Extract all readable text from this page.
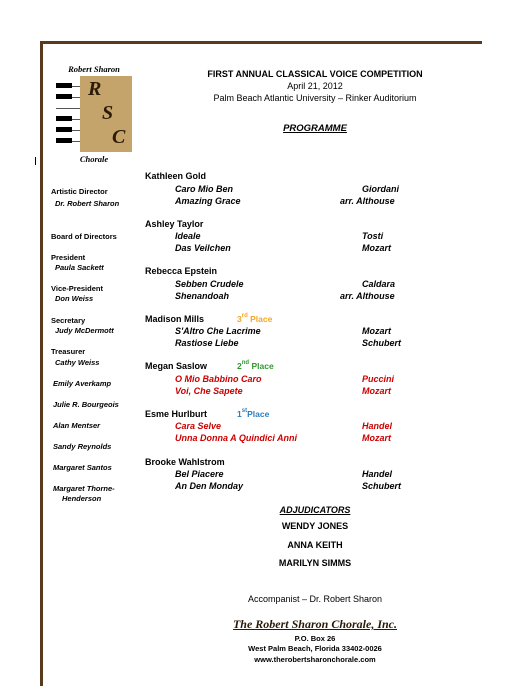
Robert Sharon
R
S
C
Chorale
FIRST ANNUAL CLASSICAL VOICE COMPETITION
April 21, 2012
Palm Beach Atlantic University – Rinker Auditorium
PROGRAMME
Artistic Director
Dr. Robert Sharon
Board of Directors
President
Paula Sackett
Vice-President
Don Weiss
Secretary
Judy McDermott
Treasurer
Cathy Weiss
Emily Averkamp
Julie R. Bourgeois
Alan Mentser
Sandy Reynolds
Margaret Santos
Margaret Thorne-
Henderson
Kathleen Gold
Caro Mio Ben	Giordani
Amazing Grace	arr. Althouse
Ashley Taylor
Ideale	Tosti
Das Veilchen	Mozart
Rebecca Epstein
Sebben Crudele	Caldara
Shenandoah	arr. Althouse
Madison Mills	3rd Place
S'Altro Che Lacrime	Mozart
Rastiose Liebe	Schubert
Megan Saslow	2nd Place
O Mio Babbino Caro	Puccini
Voi, Che Sapete	Mozart
Esme Hurlburt	1stPlace
Cara Selve	Handel
Unna Donna A Quindici Anni	Mozart
Brooke Wahlstrom
Bel Piacere	Handel
An Den Monday	Schubert
ADJUDICATORS
WENDY JONES
ANNA KEITH
MARILYN SIMMS
Accompanist – Dr. Robert Sharon
The Robert Sharon Chorale, Inc.
P.O. Box 26
West Palm Beach, Florida 33402-0026
www.therobertsharonchorale.com
